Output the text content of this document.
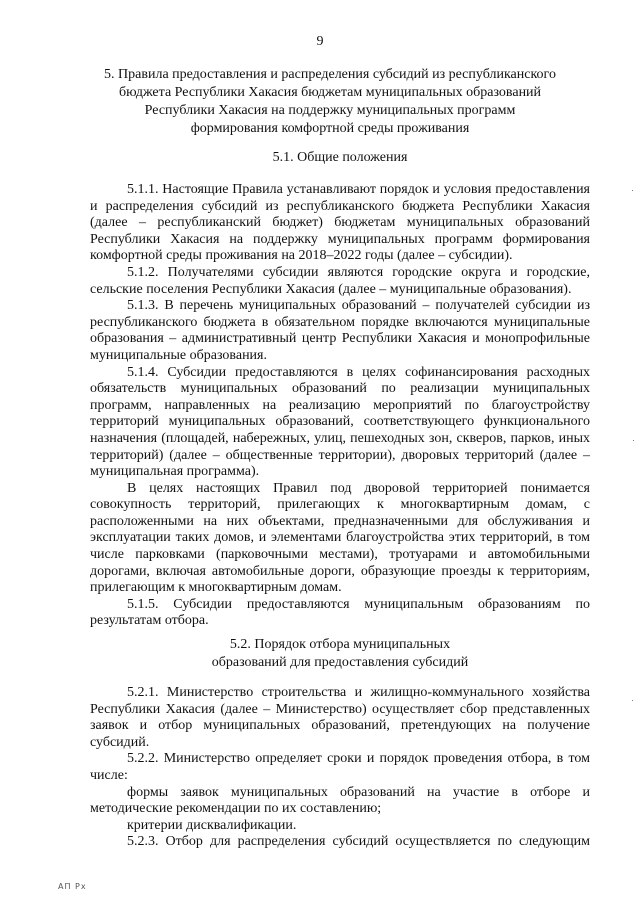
9
5. Правила предоставления и распределения субсидий из республиканского бюджета Республики Хакасия бюджетам муниципальных образований Республики Хакасия на поддержку муниципальных программ формирования комфортной среды проживания
5.1. Общие положения

5.1.1. Настоящие Правила устанавливают порядок и условия предоставления и распределения субсидий из республиканского бюджета Республики Хакасия (далее – республиканский бюджет) бюджетам муниципальных образований Республики Хакасия на поддержку муниципальных программ формирования комфортной среды проживания на 2018–2022 годы (далее – субсидии).

5.1.2. Получателями субсидии являются городские округа и городские, сельские поселения Республики Хакасия (далее – муниципальные образования).

5.1.3. В перечень муниципальных образований – получателей субсидии из республиканского бюджета в обязательном порядке включаются муниципальные образования – административный центр Республики Хакасия и монопрофильные муниципальные образования.

5.1.4. Субсидии предоставляются в целях софинансирования расходных обязательств муниципальных образований по реализации муниципальных программ, направленных на реализацию мероприятий по благоустройству территорий муниципальных образований, соответствующего функционального назначения (площадей, набережных, улиц, пешеходных зон, скверов, парков, иных территорий) (далее – общественные территории), дворовых территорий (далее – муниципальная программа).

В целях настоящих Правил под дворовой территорией понимается совокупность территорий, прилегающих к многоквартирным домам, с расположенными на них объектами, предназначенными для обслуживания и эксплуатации таких домов, и элементами благоустройства этих территорий, в том числе парковками (парковочными местами), тротуарами и автомобильными дорогами, включая автомобильные дороги, образующие проезды к территориям, прилегающим к многоквартирным домам.

5.1.5. Субсидии предоставляются муниципальным образованиям по результатам отбора.

5.2. Порядок отбора муниципальных
образований для предоставления субсидий

5.2.1. Министерство строительства и жилищно-коммунального хозяйства Республики Хакасия (далее – Министерство) осуществляет сбор представленных заявок и отбор муниципальных образований, претендующих на получение субсидий.

5.2.2. Министерство определяет сроки и порядок проведения отбора, в том числе:

формы заявок муниципальных образований на участие в отборе и методические рекомендации по их составлению;

критерии дисквалификации.

5.2.3. Отбор для распределения субсидий осуществляется по следующим

АП Рх
